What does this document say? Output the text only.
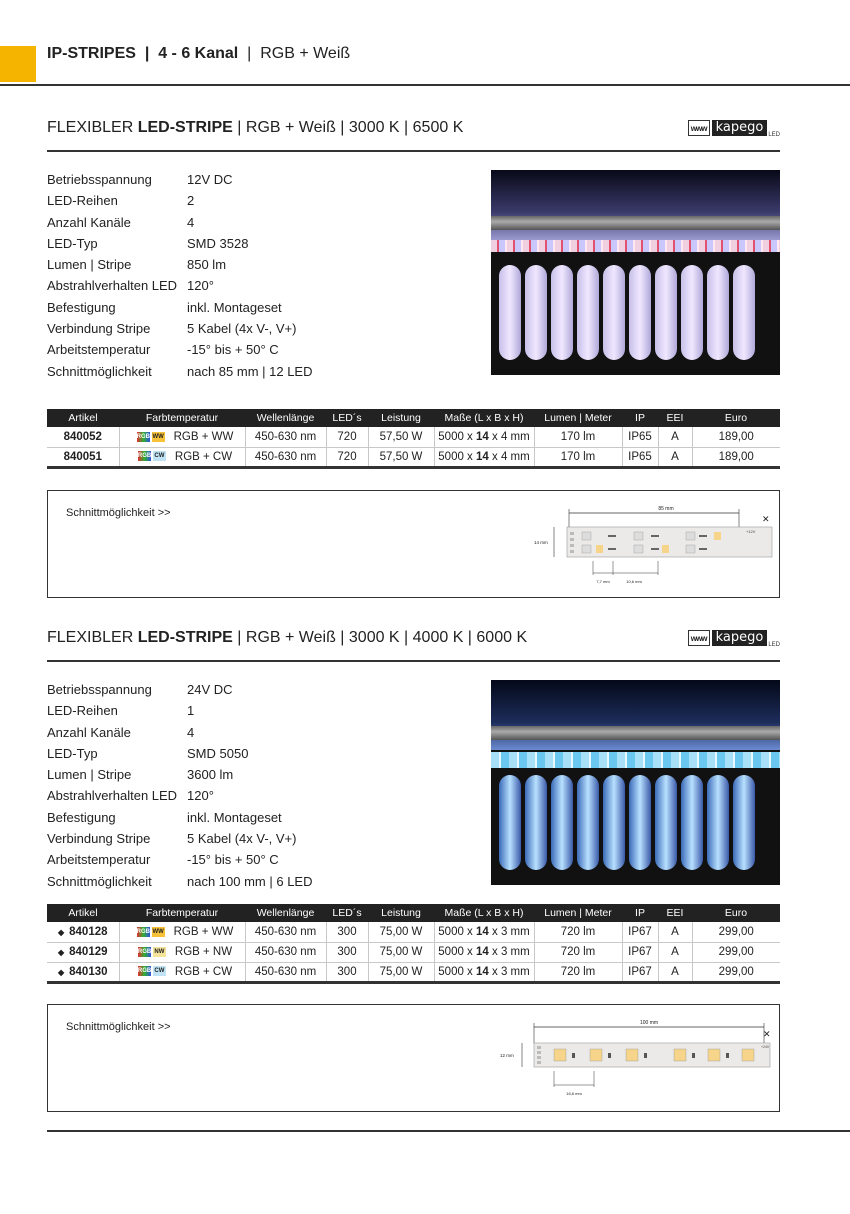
IP-STRIPES | 4 - 6 Kanal | RGB + Weiß
FLEXIBLER LED-STRIPE | RGB + Weiß | 3000 K | 6500 K	www kapego LED
Betriebsspannung	12V DC
LED-Reihen	2
Anzahl Kanäle	4
LED-Typ	SMD 3528
Lumen | Stripe	850 lm
Abstrahlverhalten LED 120°
Befestigung	inkl. Montageset
Verbindung Stripe	5 Kabel (4x V-, V+)
Arbeitstemperatur	-15° bis + 50° C
Schnittmöglichkeit	nach 85 mm | 12 LED
Artikel	Farbtemperatur	Wellenlänge	LED´s	Leistung	Maße (L x B x H)	Lumen | Meter	IP	EEI	Euro
840052	RGB WW RGB + WW	450-630 nm	720	57,50 W	5000 x 14 x 4 mm	170 lm	IP65	A	189,00
840051	RGB CW RGB + CW	450-630 nm	720	57,50 W	5000 x 14 x 4 mm	170 lm	IP65	A	189,00
Schnittmöglichkeit >>	85 mm
✕
+12V
14 mm
7,7 mm	10,6 mm
FLEXIBLER LED-STRIPE | RGB + Weiß | 3000 K | 4000 K | 6000 K	www kapego LED
Betriebsspannung	24V DC
LED-Reihen	1
Anzahl Kanäle	4
LED-Typ	SMD 5050
Lumen | Stripe	3600 lm
Abstrahlverhalten LED 120°
Befestigung	inkl. Montageset
Verbindung Stripe	5 Kabel (4x V-, V+)
Arbeitstemperatur	-15° bis + 50° C
Schnittmöglichkeit	nach 100 mm | 6 LED
Artikel	Farbtemperatur	Wellenlänge	LED´s	Leistung	Maße (L x B x H)	Lumen | Meter	IP	EEI	Euro
◆ 840128	RGB WW RGB + WW	450-630 nm	300	75,00 W	5000 x 14 x 3 mm	720 lm	IP67	A	299,00
◆ 840129	RGB NW RGB + NW	450-630 nm	300	75,00 W	5000 x 14 x 3 mm	720 lm	IP67	A	299,00
◆ 840130	RGB CW RGB + CW	450-630 nm	300	75,00 W	5000 x 14 x 3 mm	720 lm	IP67	A	299,00
Schnittmöglichkeit >>	100 mm
✕
+24V
12 mm
16,6 mm
